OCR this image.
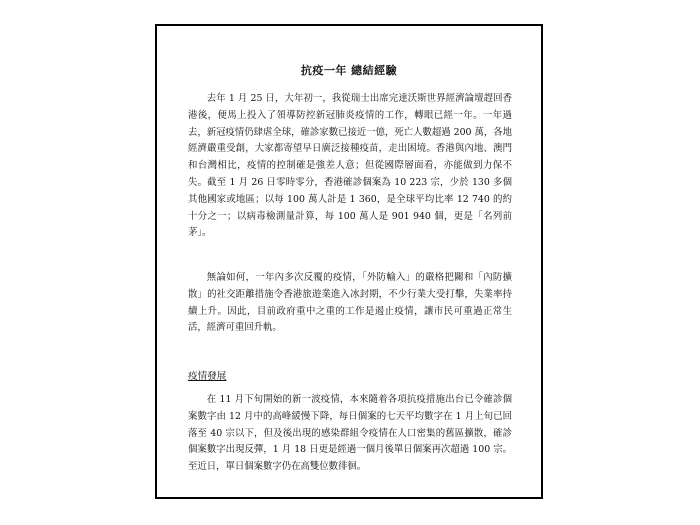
抗疫一年 總結經驗

去年 1 月 25 日，大年初一，我從瑞士出席完達沃斯世界經濟論壇趕回香港後，便馬上投入了領導防控新冠肺炎疫情的工作，轉眼已經一年。一年過去，新冠疫情仍肆虐全球，確診家數已接近一億，死亡人數超過 200 萬，各地經濟嚴重受創，大家都寄望早日廣泛接種疫苗，走出困境。香港與內地、澳門和台灣相比，疫情的控制確是強差人意；但從國際層面看，亦能做到力保不失。截至 1 月 26 日零時零分，香港確診個案為 10 223 宗，少於 130 多個其他國家或地區；以每 100 萬人計是 1 360，是全球平均比率 12 740 的約十分之一；以病毒檢測量計算，每 100 萬人是 901 940 個，更是「名列前茅」。

無論如何，一年內多次反覆的疫情，「外防輸入」的嚴格把關和「內防擴散」的社交距離措施令香港旅遊業進入冰封期，不少行業大受打擊，失業率持續上升。因此，目前政府重中之重的工作是遏止疫情，讓市民可重過正常生活，經濟可重回升軌。

疫情發展

在 11 月下旬開始的新一波疫情，本來隨着各項抗疫措施出台已令確診個案數字由 12 月中的高峰緩慢下降，每日個案的七天平均數字在 1 月上旬已回落至 40 宗以下，但及後出現的感染群組令疫情在人口密集的舊區擴散，確診個案數字出現反彈，1 月 18 日更是經過一個月後單日個案再次超過 100 宗。至近日，單日個案數字仍在高雙位數徘徊。
